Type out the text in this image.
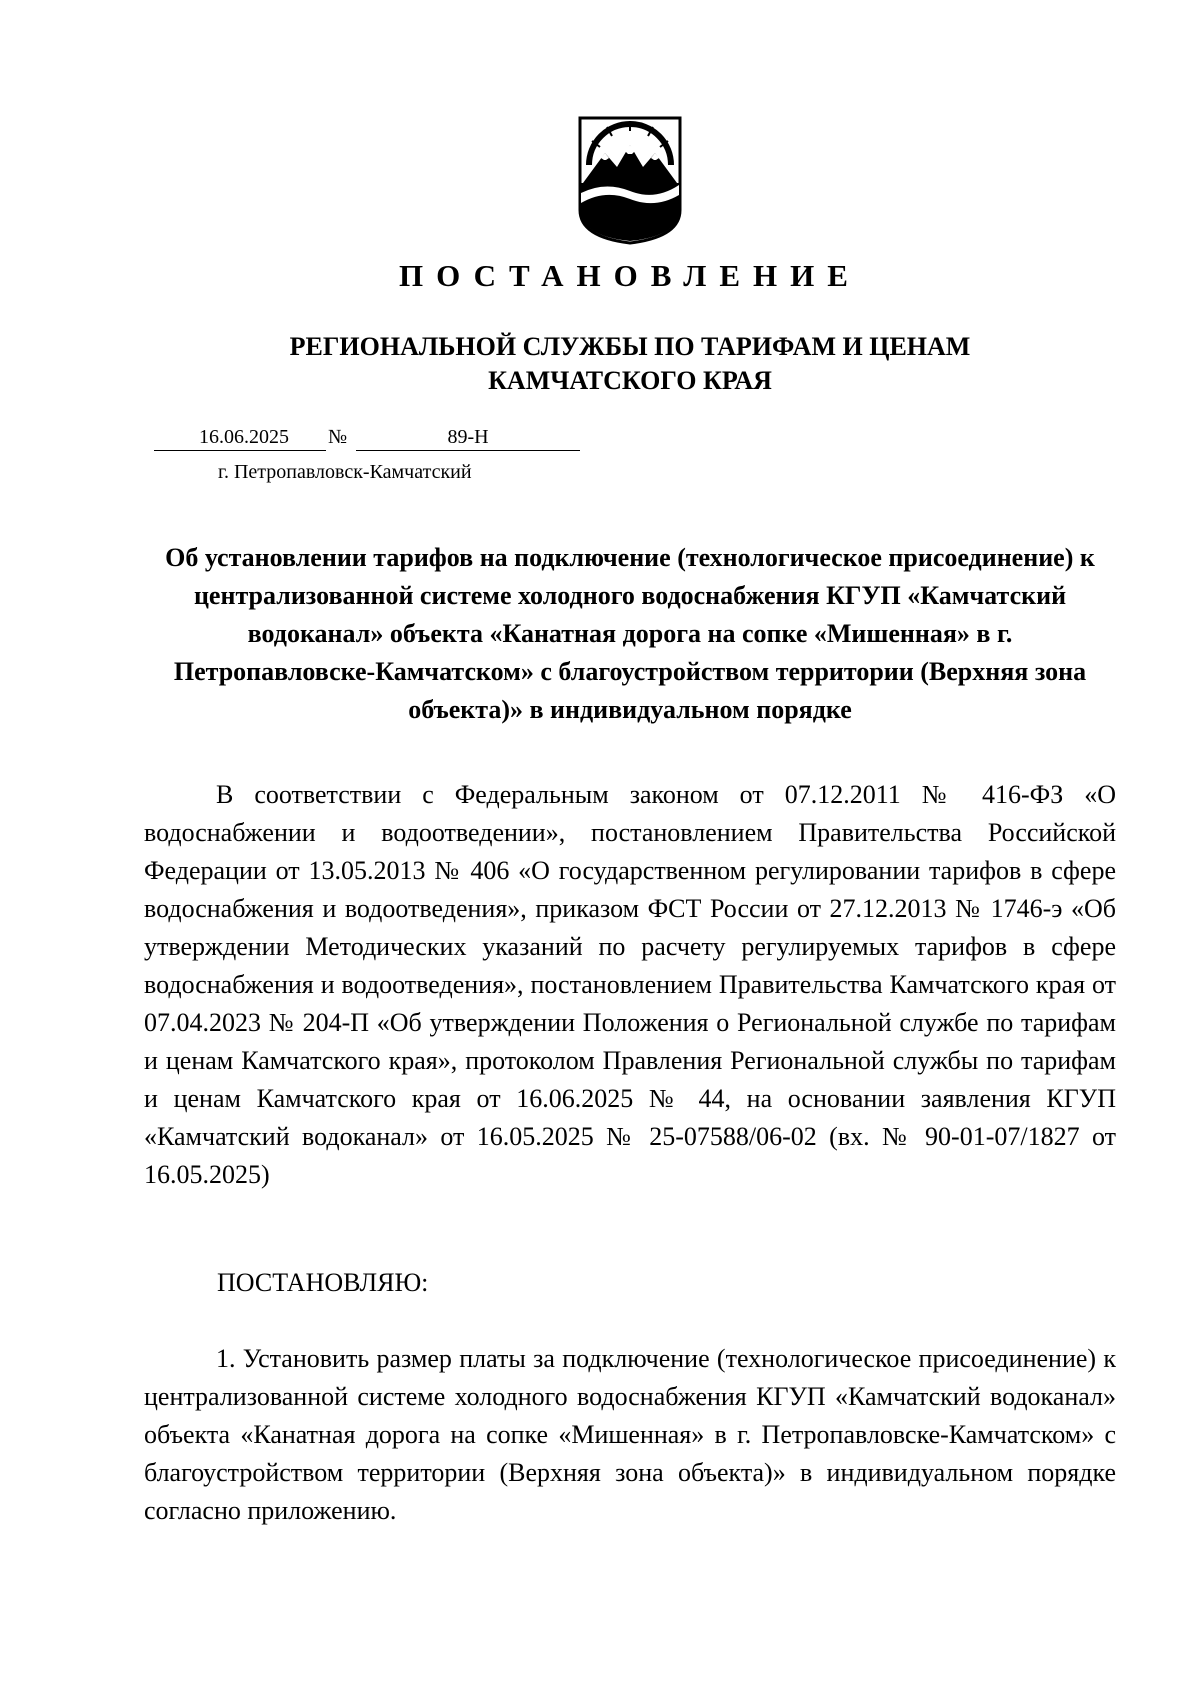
ПОСТАНОВЛЕНИЕ
РЕГИОНАЛЬНОЙ СЛУЖБЫ ПО ТАРИФАМ И ЦЕНАМ
КАМЧАТСКОГО КРАЯ
16.06.2025	№	89-Н
г. Петропавловск-Камчатский
Об установлении тарифов на подключение (технологическое присоединение) к централизованной системе холодного водоснабжения КГУП «Камчатский водоканал» объекта «Канатная дорога на сопке «Мишенная» в г. Петропавловске-Камчатском» с благоустройством территории (Верхняя зона объекта)» в индивидуальном порядке

В соответствии с Федеральным законом от 07.12.2011 № 416-ФЗ «О водоснабжении и водоотведении», постановлением Правительства Российской Федерации от 13.05.2013 № 406 «О государственном регулировании тарифов в сфере водоснабжения и водоотведения», приказом ФСТ России от 27.12.2013 № 1746-э «Об утверждении Методических указаний по расчету регулируемых тарифов в сфере водоснабжения и водоотведения», постановлением Правительства Камчатского края от 07.04.2023 № 204-П «Об утверждении Положения о Региональной службе по тарифам и ценам Камчатского края», протоколом Правления Региональной службы по тарифам и ценам Камчатского края от 16.06.2025 № 44, на основании заявления КГУП «Камчатский водоканал» от 16.05.2025 № 25-07588/06-02 (вх. № 90-01-07/1827 от 16.05.2025)

ПОСТАНОВЛЯЮ:

1. Установить размер платы за подключение (технологическое присоединение) к централизованной системе холодного водоснабжения КГУП «Камчатский водоканал» объекта «Канатная дорога на сопке «Мишенная» в г. Петропавловске-Камчатском» с благоустройством территории (Верхняя зона объекта)» в индивидуальном порядке согласно приложению.
